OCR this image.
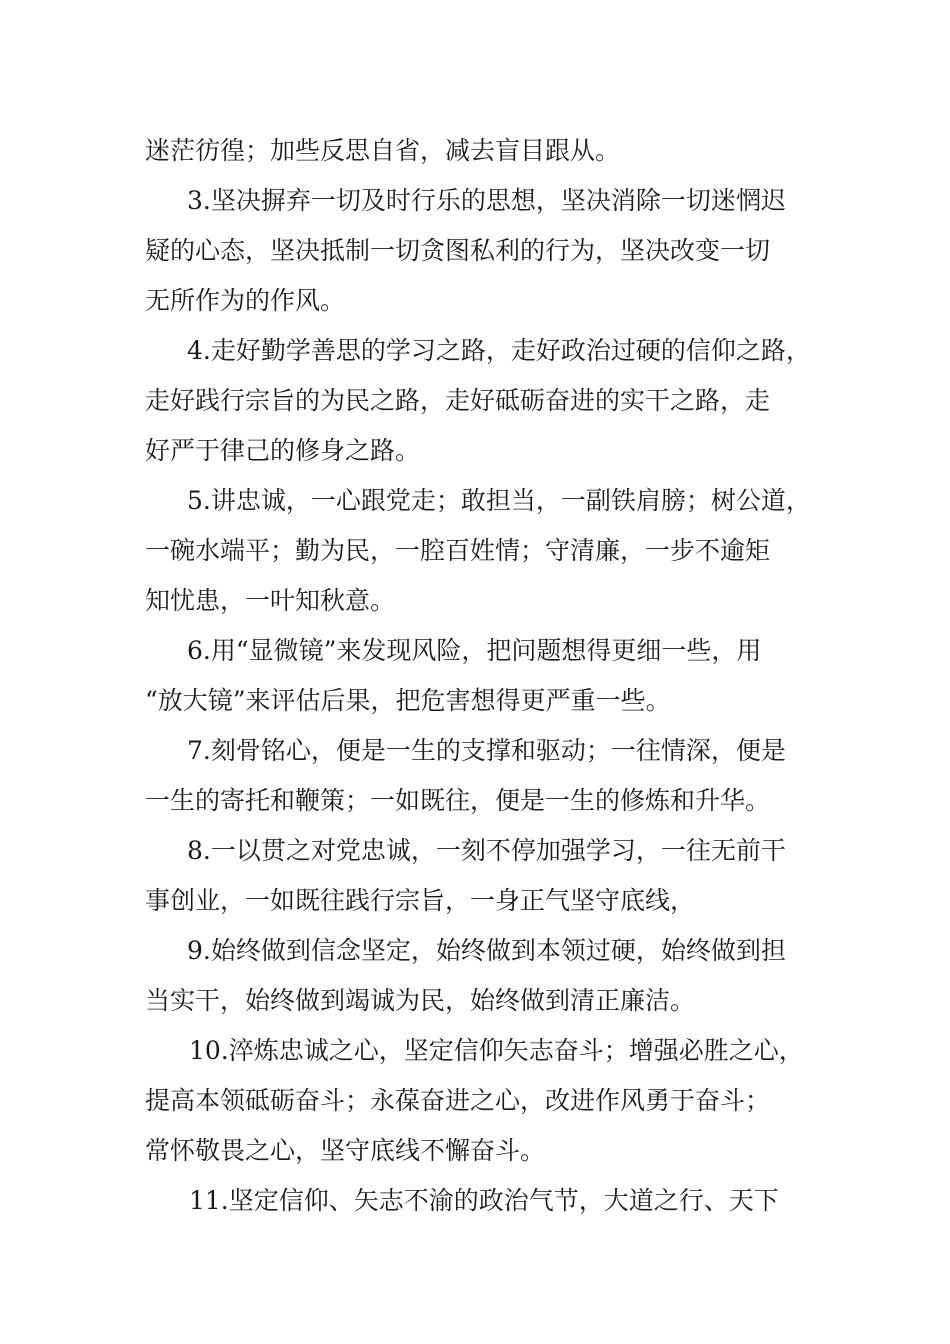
迷茫彷徨；加些反思自省，减去盲目跟从。
3.坚决摒弃一切及时行乐的思想，坚决消除一切迷惘迟
疑的心态，坚决抵制一切贪图私利的行为，坚决改变一切
无所作为的作风。
4.走好勤学善思的学习之路，走好政治过硬的信仰之路，
走好践行宗旨的为民之路，走好砥砺奋进的实干之路，走
好严于律己的修身之路。
5.讲忠诚，一心跟党走；敢担当，一副铁肩膀；树公道，
一碗水端平；勤为民，一腔百姓情；守清廉，一步不逾矩
知忧患，一叶知秋意。
6.用“显微镜”来发现风险，把问题想得更细一些，用
“放大镜”来评估后果，把危害想得更严重一些。
7.刻骨铭心，便是一生的支撑和驱动；一往情深，便是
一生的寄托和鞭策；一如既往，便是一生的修炼和升华。
8.一以贯之对党忠诚，一刻不停加强学习，一往无前干
事创业，一如既往践行宗旨，一身正气坚守底线，
9.始终做到信念坚定，始终做到本领过硬，始终做到担
当实干，始终做到竭诚为民，始终做到清正廉洁。
10.淬炼忠诚之心，坚定信仰矢志奋斗；增强必胜之心，
提高本领砥砺奋斗；永葆奋进之心，改进作风勇于奋斗；
常怀敬畏之心，坚守底线不懈奋斗。
11.坚定信仰、矢志不渝的政治气节，大道之行、天下
